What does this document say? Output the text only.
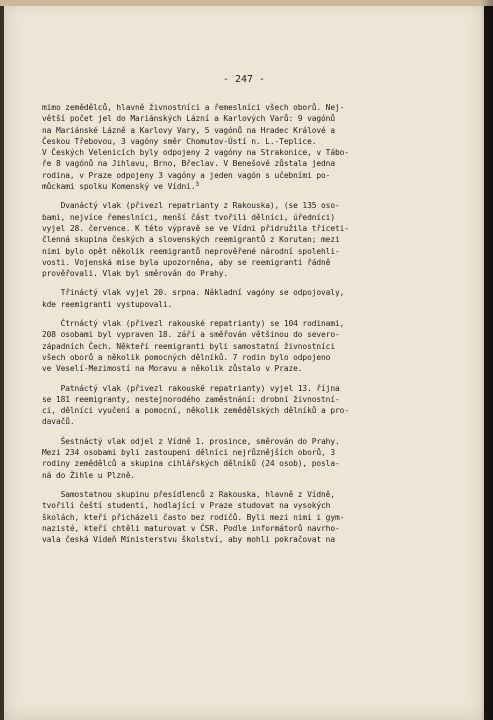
- 247 -
mimo zemědělců, hlavně živnostníci a řemeslníci všech oborů. Nej-
větší počet jel do Mariánských Lázní a Karlových Varů: 9 vagónů
na Mariánské Lázně a Karlovy Vary, 5 vagónů na Hradec Králové a
Českou Třebovou, 3 vagóny směr Chomutov-Ústí n. L.-Teplice.
V Českých Velenicích byly odpojeny 2 vagóny na Strakonice, v Tábo-
ře 8 vagónů na Jihlavu, Brno, Břeclav. V Benešově zůstala jedna
rodina, v Praze odpojeny 3 vagóny a jeden vagón s učebními po-
můckami spolku Komenský ve Vídni.$^3$
Dvanáctý vlak (přivezl repatrianty z Rakouska), (se 135 oso-
bami, nejvíce řemeslníci, menší část tvořili dělníci, úředníci)
vyjel 28. července. K této výpravě se ve Vídni přidružila třiceti-
členná skupina českých a slovenských reemigrantů z Korutan; mezi
nimi bylo opět několik reemigrantů neprověřené národní spolehli-
vosti. Vojenská mise byla upozorněna, aby se reemigranti řádně
prověřovali. Vlak byl směrován do Prahy.
Třináctý vlak vyjel 20. srpna. Nákladní vagóny se odpojovaly,
kde reemigranti vystupovali.
Čtrnáctý vlak (přivezl rakouské repatrianty) se 104 rodinami,
208 osobami byl vypraven 18. září a směřován většinou do severo-
západních Čech. Někteří reemigranti byli samostatní živnostníci
všech oborů a několik pomocných dělníků. 7 rodin bylo odpojeno
ve Veselí-Mezimostí na Moravu a několik zůstalo v Praze.
Patnáctý vlak (přivezl rakouské repatrianty) vyjel 13. října
se 181 reemigranty, nestejnorodého zaměstnání: drobní živnostní-
ci, dělníci vyučení a pomocní, několik zemědělských dělníků a pro-
davačů.
Šestnáctý vlak odjel z Vídně 1. prosince, směrován do Prahy.
Mezi 234 osobami byli zastoupeni dělníci nejrůznějších oborů, 3
rodiny zemědělců a skupina cihlářských dělníků (24 osob), posla-
ná do Žihle u Plzně.
Samostatnou skupinu přesídlenců z Rakouska, hlavně z Vídně,
tvořili čeští studenti, hodlající v Praze studovat na vysokých
školách, kteří přicházeli často bez rodičů. Byli mezi nimi i gym-
nazisté, kteří chtěli maturovat v ČSR. Podle informátorů navrho-
vala česká Vídeň Ministerstvu školství, aby mohli pokračovat na
